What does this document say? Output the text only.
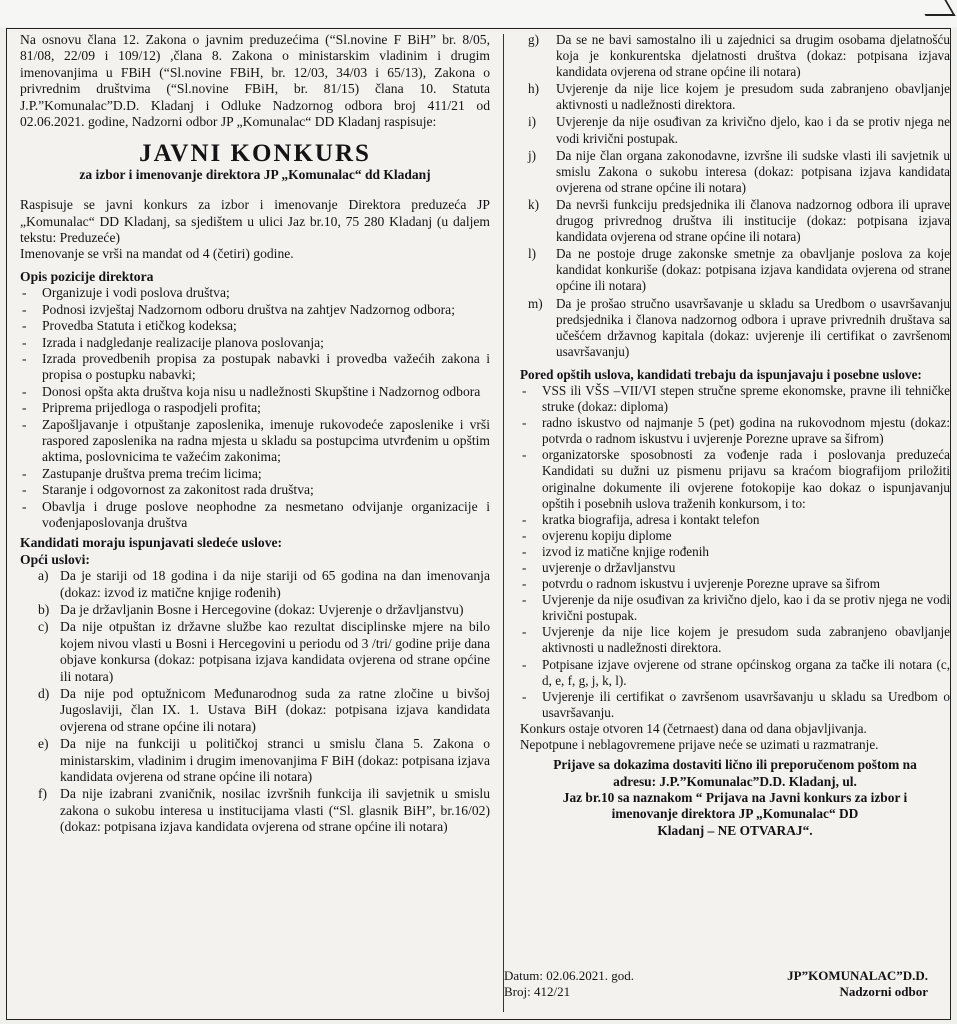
Na osnovu člana 12. Zakona o javnim preduzećima (“Sl.novine F BiH” br. 8/05, 81/08, 22/09 i 109/12) ,člana 8. Zakona o ministarskim vladinim i drugim imenovanjima u FBiH (“Sl.novine FBiH, br. 12/03, 34/03 i 65/13), Zakona o privrednim društvima (“Sl.novine FBiH, br. 81/15) člana 10. Statuta J.P.”Komunalac”D.D. Kladanj i Odluke Nadzornog odbora broj 411/21 od 02.06.2021. godine, Nadzorni odbor JP „Komunalac“ DD Kladanj raspisuje:

JAVNI KONKURS
za izbor i imenovanje direktora JP „Komunalac“ dd Kladanj

Raspisuje se javni konkurs za izbor i imenovanje Direktora preduzeća JP „Komunalac“ DD Kladanj, sa sjedištem u ulici Jaz br.10, 75 280 Kladanj (u daljem tekstu: Preduzeće)

Imenovanje se vrši na mandat od 4 (četiri) godine.

Opis pozicije direktora

- Organizuje i vodi poslova društva;
- Podnosi izvještaj Nadzornom odboru društva na zahtjev Nadzornog odbora;
- Provedba Statuta i etičkog kodeksa;
- Izrada i nadgledanje realizacije planova poslovanja;
- Izrada provedbenih propisa za postupak nabavki i provedba važećih zakona i propisa o postupku nabavki;
- Donosi opšta akta društva koja nisu u nadležnosti Skupštine i Nadzornog odbora
- Priprema prijedloga o raspodjeli profita;
- Zapošljavanje i otpuštanje zaposlenika, imenuje rukovodeće zaposlenike i vrši raspored zaposlenika na radna mjesta u skladu sa postupcima utvrđenim u opštim aktima, poslovnicima te važećim zakonima;
- Zastupanje društva prema trećim licima;
- Staranje i odgovornost za zakonitost rada društva;
- Obavlja i druge poslove neophodne za nesmetano odvijanje organizacije i vođenjaposlovanja društva

Kandidati moraju ispunjavati sledeće uslove:

Opći uslovi:

a) Da je stariji od 18 godina i da nije stariji od 65 godina na dan imenovanja (dokaz: izvod iz matične knjige rođenih)
b) Da je državljanin Bosne i Hercegovine (dokaz: Uvjerenje o državljanstvu)
c) Da nije otpuštan iz državne službe kao rezultat disciplinske mjere na bilo kojem nivou vlasti u Bosni i Hercegovini u periodu od 3 /tri/ godine prije dana objave konkursa (dokaz: potpisana izjava kandidata ovjerena od strane općine ili notara)
d) Da nije pod optužnicom Međunarodnog suda za ratne zločine u bivšoj Jugoslaviji, član IX. 1. Ustava BiH (dokaz: potpisana izjava kandidata ovjerena od strane općine ili notara)
e) Da nije na funkciji u političkoj stranci u smislu člana 5. Zakona o ministarskim, vladinim i drugim imenovanjima F BiH (dokaz: potpisana izjava kandidata ovjerena od strane općine ili notara)
f) Da nije izabrani zvaničnik, nosilac izvršnih funkcija ili savjetnik u smislu zakona o sukobu interesa u institucijama vlasti (“Sl. glasnik BiH”, br.16/02) (dokaz: potpisana izjava kandidata ovjerena od strane općine ili notara)
g) Da se ne bavi samostalno ili u zajednici sa drugim osobama djelatnošću koja je konkurentska djelatnosti društva (dokaz: potpisana izjava kandidata ovjerena od strane općine ili notara)
h) Uvjerenje da nije lice kojem je presudom suda zabranjeno obavljanje aktivnosti u nadležnosti direktora.
i) Uvjerenje da nije osuđivan za krivično djelo, kao i da se protiv njega ne vodi krivični postupak.
j) Da nije član organa zakonodavne, izvršne ili sudske vlasti ili savjetnik u smislu Zakona o sukobu interesa (dokaz: potpisana izjava kandidata ovjerena od strane općine ili notara)
k) Da nevrši funkciju predsjednika ili članova nadzornog odbora ili uprave drugog privrednog društva ili institucije (dokaz: potpisana izjava kandidata ovjerena od strane općine ili notara)
l) Da ne postoje druge zakonske smetnje za obavljanje poslova za koje kandidat konkuriše (dokaz: potpisana izjava kandidata ovjerena od strane općine ili notara)
m) Da je prošao stručno usavršavanje u skladu sa Uredbom o usavršavanju predsjednika i članova nadzornog odbora i uprave privrednih društava sa učešćem državnog kapitala (dokaz: uvjerenje ili certifikat o završenom usavršavanju)

Pored opštih uslova, kandidati trebaju da ispunjavaju i posebne uslove:

- VSS ili VŠS –VII/VI stepen stručne spreme ekonomske, pravne ili tehničke struke (dokaz: diploma)
- radno iskustvo od najmanje 5 (pet) godina na rukovodnom mjestu (dokaz: potvrda o radnom iskustvu i uvjerenje Porezne uprave sa šifrom)
- organizatorske sposobnosti za vođenje rada i poslovanja preduzeća Kandidati su dužni uz pismenu prijavu sa kraćom biografijom priložiti originalne dokumente ili ovjerene fotokopije kao dokaz o ispunjavanju opštih i posebnih uslova traženih konkursom, i to:
- kratka biografija, adresa i kontakt telefon
- ovjerenu kopiju diplome
- izvod iz matične knjige rođenih
- uvjerenje o državljanstvu
- potvrdu o radnom iskustvu i uvjerenje Porezne uprave sa šifrom
- Uvjerenje da nije osuđivan za krivično djelo, kao i da se protiv njega ne vodi krivični postupak.
- Uvjerenje da nije lice kojem je presudom suda zabranjeno obavljanje aktivnosti u nadležnosti direktora.
- Potpisane izjave ovjerene od strane općinskog organa za tačke ili notara (c, d, e, f, g, j, k, l).
- Uvjerenje ili certifikat o završenom usavršavanju u skladu sa Uredbom o usavršavanju.

Konkurs ostaje otvoren 14 (četrnaest) dana od dana objavljivanja.

Nepotpune i neblagovremene prijave neće se uzimati u razmatranje.

Prijave sa dokazima dostaviti lično ili preporučenom poštom na
adresu: J.P.”Komunalac”D.D. Kladanj, ul.
Jaz br.10 sa naznakom “ Prijava na Javni konkurs za izbor i
imenovanje direktora JP „Komunalac“ DD
Kladanj – NE OTVARAJ“.
Datum: 02.06.2021. god.
Broj: 412/21
JP”KOMUNALAC”D.D.
Nadzorni odbor
